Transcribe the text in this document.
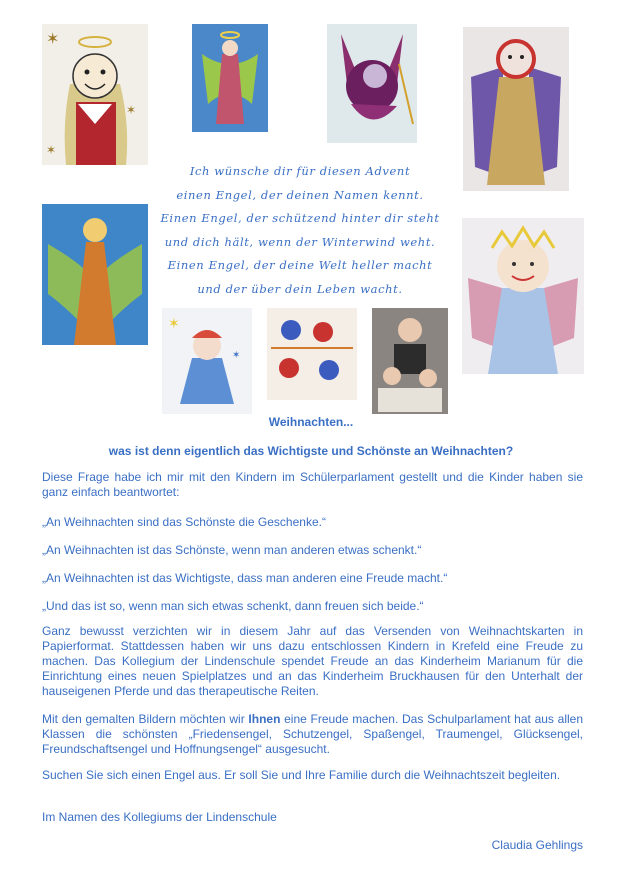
✶
✶
✶
✶
✶
Ich wünsche dir für diesen Advent
einen Engel, der deinen Namen kennt.
Einen Engel, der schützend hinter dir steht
und dich hält, wenn der Winterwind weht.
Einen Engel, der deine Welt heller macht
und der über dein Leben wacht.
Weihnachten...
was ist denn eigentlich das Wichtigste und Schönste an Weihnachten?
Diese Frage habe ich mir mit den Kindern im Schülerparlament gestellt und die Kinder haben sie ganz einfach beantwortet:
„An Weihnachten sind das Schönste die Geschenke.“
„An Weihnachten ist das Schönste, wenn man anderen etwas schenkt.“
„An Weihnachten ist das Wichtigste, dass man anderen eine Freude macht.“
„Und das ist so, wenn man sich etwas schenkt, dann freuen sich beide.“
Ganz bewusst verzichten wir in diesem Jahr auf das Versenden von Weihnachtskarten in Papierformat. Stattdessen haben wir uns dazu entschlossen Kindern in Krefeld eine Freude zu machen. Das Kollegium der Lindenschule spendet Freude an das Kinderheim Marianum für die Einrichtung eines neuen Spielplatzes und an das Kinderheim Bruckhausen für den Unterhalt der hauseigenen Pferde und das therapeutische Reiten.
Mit den gemalten Bildern möchten wir Ihnen eine Freude machen. Das Schulparlament hat aus allen Klassen die schönsten „Friedensengel, Schutzengel, Spaßengel, Traumengel, Glücksengel, Freundschaftsengel und Hoffnungsengel“ ausgesucht.
Suchen Sie sich einen Engel aus. Er soll Sie und Ihre Familie durch die Weihnachtszeit begleiten.
Im Namen des Kollegiums der Lindenschule
Claudia Gehlings
